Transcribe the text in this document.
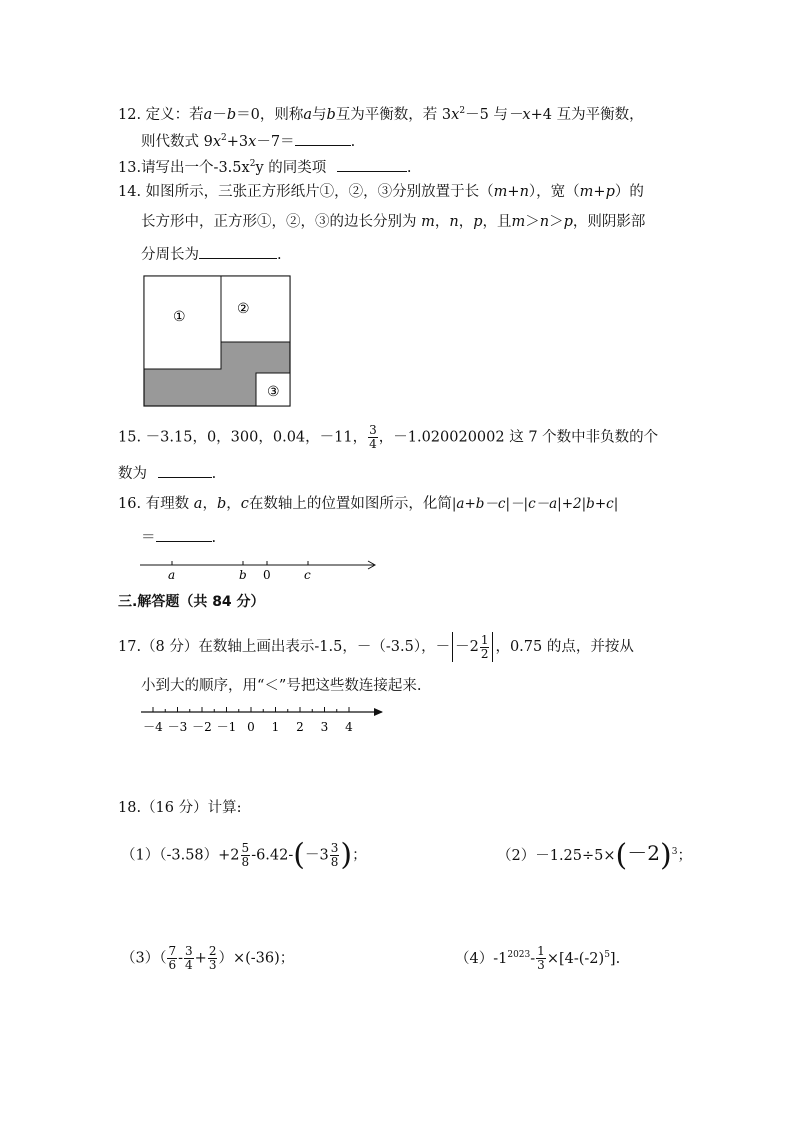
12. 定义：若a－b＝0，则称a与b互为平衡数，若 $3x^2-5$ 与－x+4 互为平衡数，
则代数式 $9x^2+3x-7=$	.
13.请写出一个$-3.5x^2y$ 的同类项	.
14. 如图所示，三张正方形纸片①，②，③分别放置于长（m+n），宽（m+p）的
长方形中，正方形①，②，③的边长分别为 m，n，p，且m＞n＞p，则阴影部
分周长为	.
①	②
③
15. －3.15，0，300，0.04，－11， $\frac{3}{4}$ ，－1.020020002 这 7 个数中非负数的个
数为	.
16. 有理数 a，b，c在数轴上的位置如图所示，化简|a+b－c|－|c－a|+2|b+c|
＝	.
a	b 0	c
三.解答题（共 84 分）
17.（8 分）在数轴上画出表示-1.5，－（-3.5），－ $-2 \frac{1}{2}$ ，0.75 的点，并按从
小到大的顺序，用“＜”号把这些数连接起来.
－4 －3 －2 －1 0 1 2 3 4
18.（16 分）计算:
$(1)(-3.58)+2 \frac{5}{8} -6.42-(-3 \frac{3}{8}$ )；	$(2)-1.25\div 5\times(-2)^3$；
$(3)( \frac{7}{6} - \frac{3}{4} + \frac{2}{3} )\times(-36)$；	$(4)-1^{2023}- \frac{1}{3} \times[4-(-2)^5]$.
